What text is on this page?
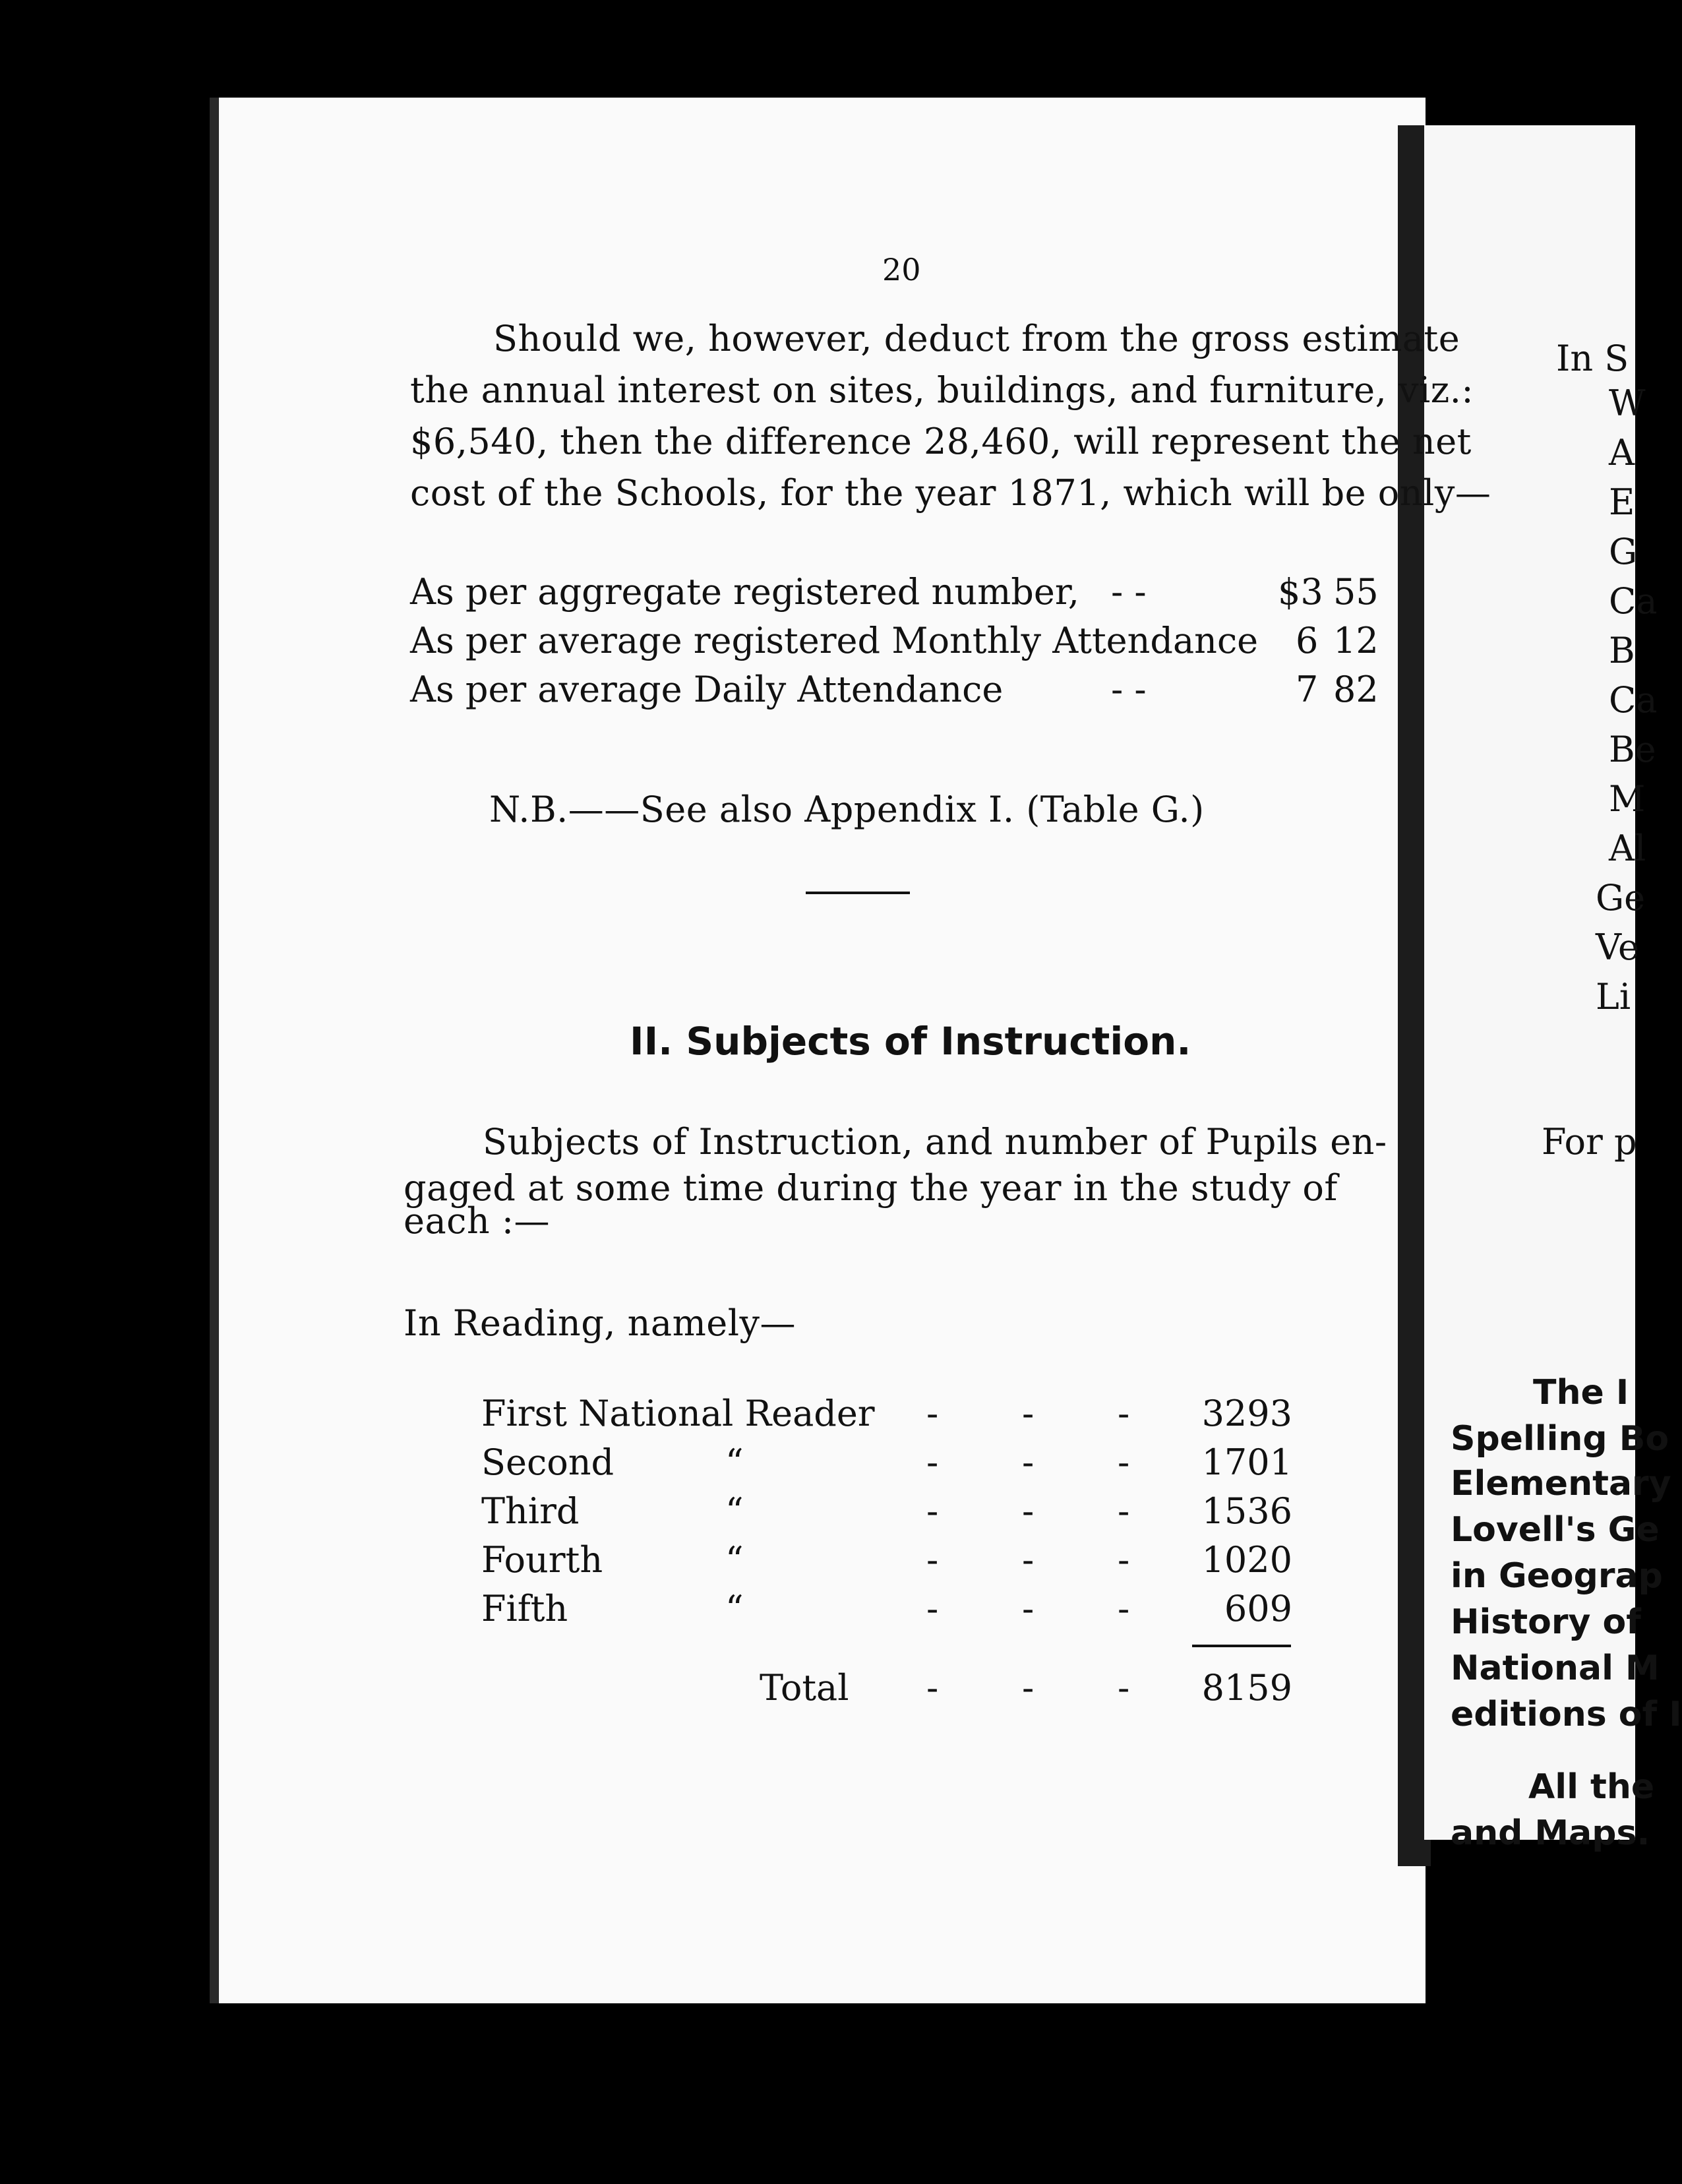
20
Should we, however, deduct from the gross estimate
the annual interest on sites, buildings, and furniture, viz.:
$6,540, then the difference 28,460, will represent the net
cost of the Schools, for the year 1871, which will be only—
As per aggregate registered number, - -	$3 55
As per average registered Monthly Attendance 6 12
As per average Daily Attendance	- -	7 82
N.B.——See also Appendix I. (Table G.)
II. Subjects of Instruction.
Subjects of Instruction, and number of Pupils en-
gaged at some time during the year in the study of
each :—
In Reading, namely—
First National Reader - - -	3293
Second	“	- - -	1701
Third	“	- - -	1536
Fourth	“	- - -	1020
Fifth	“	- - -	609
Total - - -	8159
In S
W
A
E
G
Ca
B
Ca
Be
M
Al
Ge
Ve
Li
For p
The I
Spelling Bo
Elementary
Lovell's Ge
in Geograp
History of
National M
editions of I
All the
and Maps.
